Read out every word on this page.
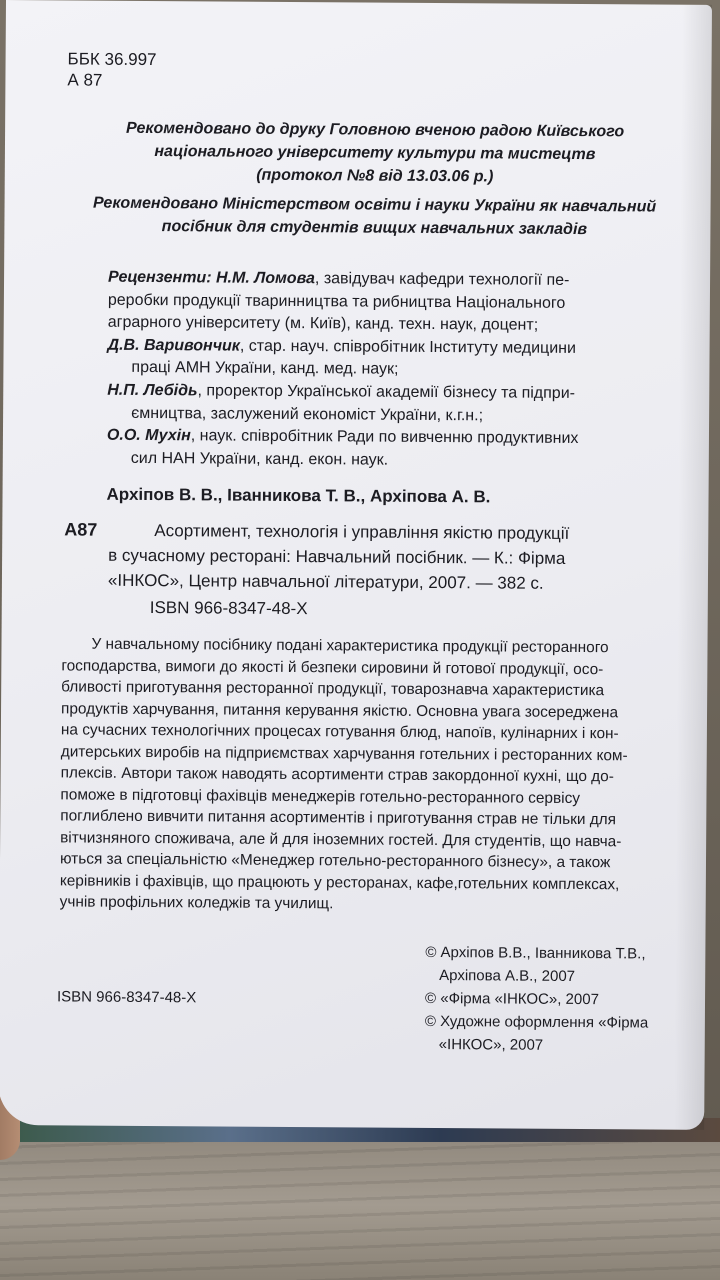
ББК 36.997
А 87
Рекомендовано до друку Головною вченою радою Київського
національного університету культури та мистецтв
(протокол №8 від 13.03.06 р.)
Рекомендовано Міністерством освіти і науки України як навчальний
посібник для студентів вищих навчальних закладів
Рецензенти: Н.М. Ломова, завідувач кафедри технології пе-
реробки продукції тваринництва та рибництва Національного
аграрного університету (м. Київ), канд. техн. наук, доцент;
Д.В. Варивончик, стар. науч. співробітник Інституту медицини
праці АМН України, канд. мед. наук;
Н.П. Лебідь, проректор Української академії бізнесу та підпри-
ємництва, заслужений економіст України, к.г.н.;
О.О. Мухін, наук. співробітник Ради по вивченню продуктивних
сил НАН України, канд. екон. наук.
Архіпов В. В., Іванникова Т. В., Архіпова А. В.
А87	Асортимент, технологія і управління якістю продукції
в сучасному ресторані: Навчальний посібник. — К.: Фірма
«ІНКОС», Центр навчальної літератури, 2007. — 382 с.
ISBN 966-8347-48-X
У навчальному посібнику подані характеристика продукції ресторанного
господарства, вимоги до якості й безпеки сировини й готової продукції, осо-
бливості приготування ресторанної продукції, товарознавча характеристика
продуктів харчування, питання керування якістю. Основна увага зосереджена
на сучасних технологічних процесах готування блюд, напоїв, кулінарних і кон-
дитерських виробів на підприємствах харчування готельних і ресторанних ком-
плексів. Автори також наводять асортименти страв закордонної кухні, що до-
поможе в підготовці фахівців менеджерів готельно-ресторанного сервісу
поглиблено вивчити питання асортиментів і приготування страв не тільки для
вітчизняного споживача, але й для іноземних гостей. Для студентів, що навча-
ються за спеціальністю «Менеджер готельно-ресторанного бізнесу», а також
керівників і фахівців, що працюють у ресторанах, кафе,готельних комплексах,
учнів профільних коледжів та училищ.
© Архіпов В.В., Іванникова Т.В.,
Архіпова А.В., 2007
© «Фірма «ІНКОС», 2007
© Художне оформлення «Фірма
«ІНКОС», 2007
ISBN 966-8347-48-X
